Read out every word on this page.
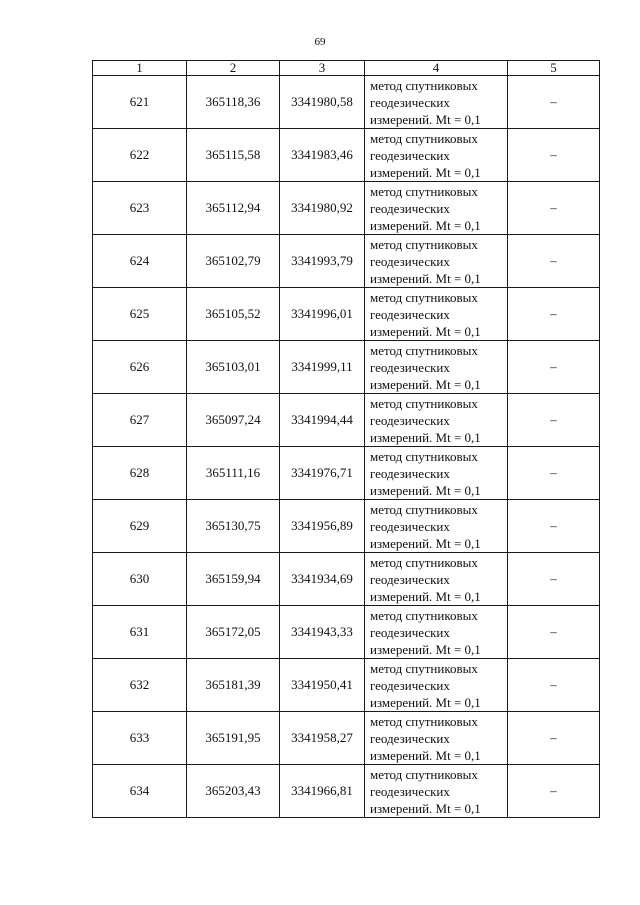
69
1	2	3	4	5
621	365118,36	3341980,58	метод спутниковых геодезических измерений. Mt = 0,1	–
622	365115,58	3341983,46	метод спутниковых геодезических измерений. Mt = 0,1	–
623	365112,94	3341980,92	метод спутниковых геодезических измерений. Mt = 0,1	–
624	365102,79	3341993,79	метод спутниковых геодезических измерений. Mt = 0,1	–
625	365105,52	3341996,01	метод спутниковых геодезических измерений. Mt = 0,1	–
626	365103,01	3341999,11	метод спутниковых геодезических измерений. Mt = 0,1	–
627	365097,24	3341994,44	метод спутниковых геодезических измерений. Mt = 0,1	–
628	365111,16	3341976,71	метод спутниковых геодезических измерений. Mt = 0,1	–
629	365130,75	3341956,89	метод спутниковых геодезических измерений. Mt = 0,1	–
630	365159,94	3341934,69	метод спутниковых геодезических измерений. Mt = 0,1	–
631	365172,05	3341943,33	метод спутниковых геодезических измерений. Mt = 0,1	–
632	365181,39	3341950,41	метод спутниковых геодезических измерений. Mt = 0,1	–
633	365191,95	3341958,27	метод спутниковых геодезических измерений. Mt = 0,1	–
634	365203,43	3341966,81	метод спутниковых геодезических измерений. Mt = 0,1	–
